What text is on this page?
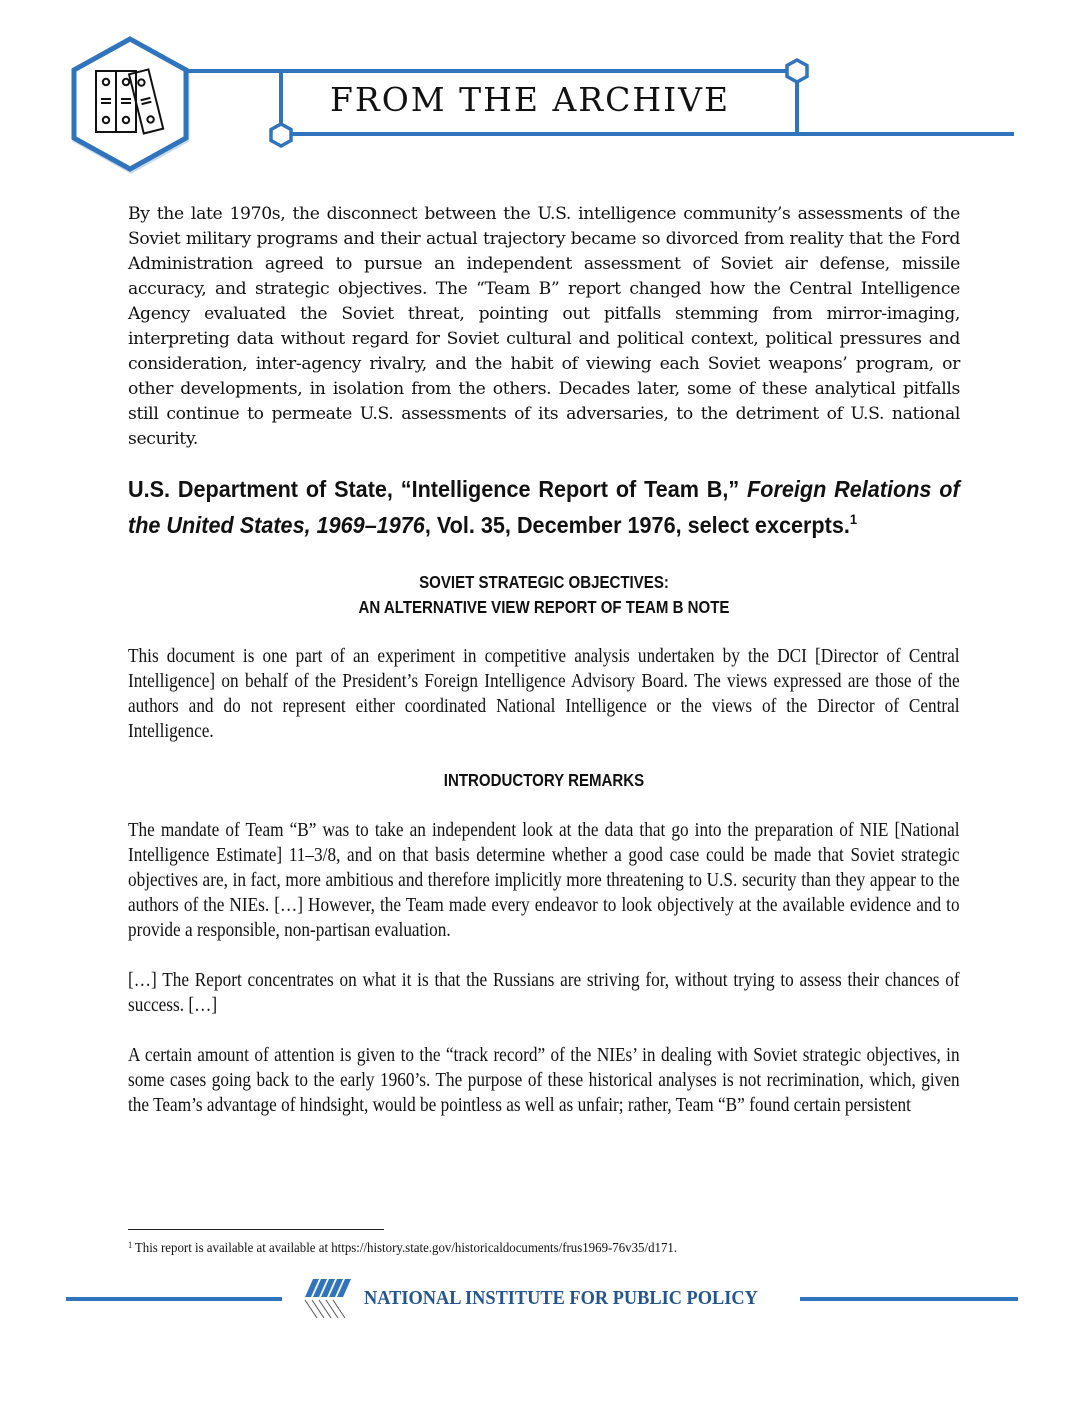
FROM THE ARCHIVE

By the late 1970s, the disconnect between the U.S. intelligence community’s assessments of the Soviet military programs and their actual trajectory became so divorced from reality that the Ford Administration agreed to pursue an independent assessment of Soviet air defense, missile accuracy, and strategic objectives. The “Team B” report changed how the Central Intelligence Agency evaluated the Soviet threat, pointing out pitfalls stemming from mirror-imaging, interpreting data without regard for Soviet cultural and political context, political pressures and consideration, inter-agency rivalry, and the habit of viewing each Soviet weapons’ program, or other developments, in isolation from the others. Decades later, some of these analytical pitfalls still continue to permeate U.S. assessments of its adversaries, to the detriment of U.S. national security.

U.S. Department of State, “Intelligence Report of Team B,” Foreign Relations of the United States, 1969–1976, Vol. 35, December 1976, select excerpts.$^1$

SOVIET STRATEGIC OBJECTIVES:
AN ALTERNATIVE VIEW REPORT OF TEAM B NOTE

This document is one part of an experiment in competitive analysis undertaken by the DCI [Director of Central Intelligence] on behalf of the President’s Foreign Intelligence Advisory Board. The views expressed are those of the authors and do not represent either coordinated National Intelligence or the views of the Director of Central Intelligence.

INTRODUCTORY REMARKS

The mandate of Team “B” was to take an independent look at the data that go into the preparation of NIE [National Intelligence Estimate] 11–3/8, and on that basis determine whether a good case could be made that Soviet strategic objectives are, in fact, more ambitious and therefore implicitly more threatening to U.S. security than they appear to the authors of the NIEs. […] However, the Team made every endeavor to look objectively at the available evidence and to provide a responsible, non-partisan evaluation.

[…] The Report concentrates on what it is that the Russians are striving for, without trying to assess their chances of success. […]

A certain amount of attention is given to the “track record” of the NIEs’ in dealing with Soviet strategic objectives, in some cases going back to the early 1960’s. The purpose of these historical analyses is not recrimination, which, given the Team’s advantage of hindsight, would be pointless as well as unfair; rather, Team “B” found certain persistent

$^1$ This report is available at available at https://history.state.gov/historicaldocuments/frus1969-76v35/d171.
NATIONAL INSTITUTE FOR PUBLIC POLICY
